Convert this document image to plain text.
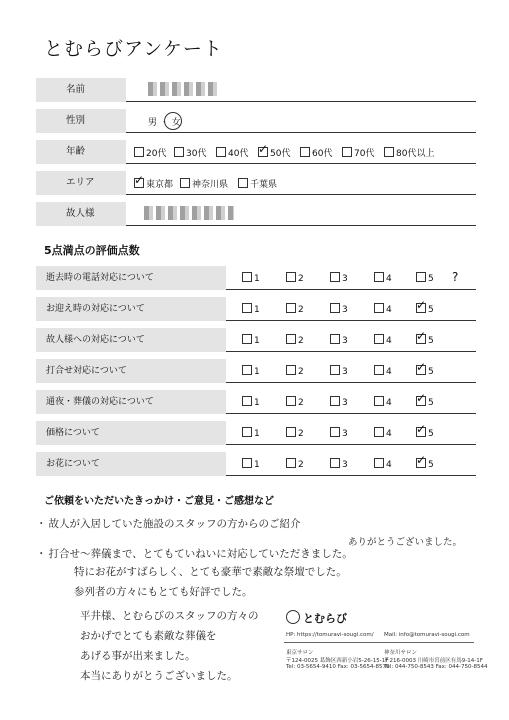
とむらびアンケート
名前
性別	男 ・ 女
年齢	20代	30代	40代 ✓	50代	60代	70代	80代以上
エリア ✓	東京都	神奈川県	千葉県
故人様
5点満点の評価点数
逝去時の電話対応について	1	2	3	4	5 ?
お迎え時の対応について	1	2	3	4 ✓	5
故人様への対応について	1	2	3	4 ✓	5
打合せ対応について	1	2	3	4 ✓	5
通夜・葬儀の対応について	1	2	3	4 ✓	5
価格について	1	2	3	4 ✓	5
お花について	1	2	3	4 ✓	5
ご依頼をいただいたきっかけ・ご意見・ご感想など
・ 故人が入居していた施設のスタッフの方からのご紹介
ありがとうございました。
・ 打合せ〜葬儀まで、とてもていねいに対応していただきました。
特にお花がすばらしく、とても豪華で素敵な祭壇でした。
参列者の方々にもとても好評でした。
平井様、とむらびのスタッフの方々の
おかげでとても素敵な葬儀を
あげる事が出来ました。
本当にありがとうございました。
とむらび
HP: https://tomuravi-sougi.com/ Mail: info@tomuravi-sougi.com
東京サロン
〒124-0025 葛飾区西新小岩5-26-15-1F
Tel: 03-5654-9410 Fax: 03-5654-8570
神奈川サロン
〒216-0003 川崎市宮前区有馬9-14-1F
Tel: 044-750-8543 Fax: 044-750-8544
